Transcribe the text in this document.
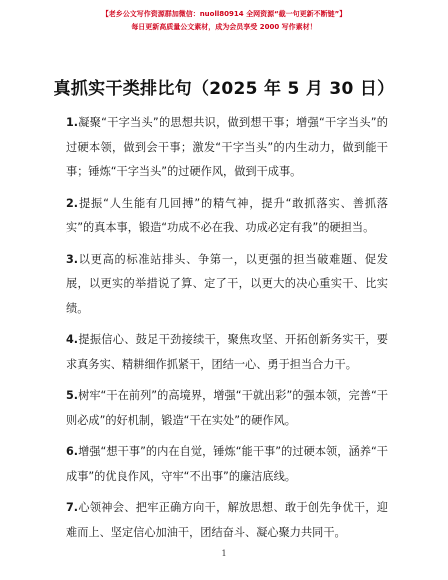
【老乡公文写作资源群加微信：nuoll80914 全网资源“截一句更新不断链”】
每日更新高质量公文素材，成为会员享受 2000 写作素材！
真抓实干类排比句（2025 年 5 月 30 日）

1.凝聚“干字当头”的思想共识，做到想干事；增强“干字当头”的过硬本领，做到会干事；激发“干字当头”的内生动力，做到能干事；锤炼“干字当头”的过硬作风，做到干成事。

2.提振“人生能有几回搏”的精气神，提升“敢抓落实、善抓落实”的真本事，锻造“功成不必在我、功成必定有我”的硬担当。

3.以更高的标准站排头、争第一，以更强的担当破难题、促发展，以更实的举措说了算、定了干，以更大的决心重实干、比实绩。

4.提振信心、鼓足干劲接续干，聚焦攻坚、开拓创新务实干，要求真务实、精耕细作抓紧干，团结一心、勇于担当合力干。

5.树牢“干在前列”的高境界，增强“干就出彩”的强本领，完善“干则必成”的好机制，锻造“干在实处”的硬作风。

6.增强“想干事”的内在自觉，锤炼“能干事”的过硬本领，涵养“干成事”的优良作风，守牢“不出事”的廉洁底线。

7.心领神会、把牢正确方向干，解放思想、敢于创先争优干，迎难而上、坚定信心加油干，团结奋斗、凝心聚力共同干。

1
